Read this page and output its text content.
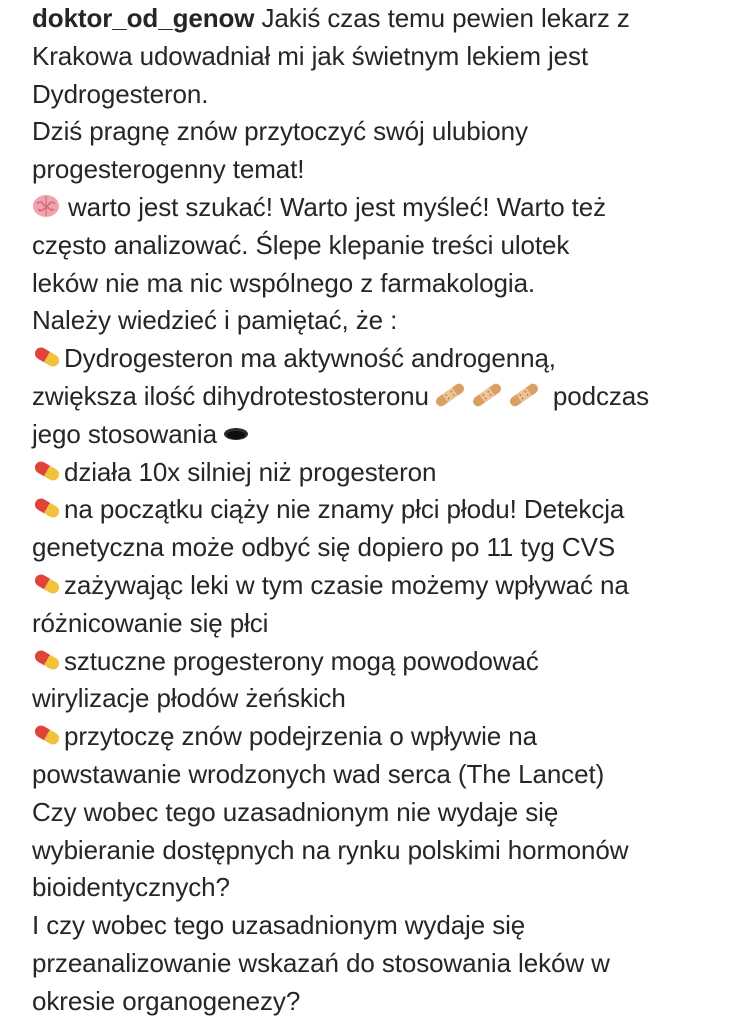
doktor_od_genow Jakiś czas temu pewien lekarz z
Krakowa udowadniał mi jak świetnym lekiem jest
Dydrogesteron.
Dziś pragnę znów przytoczyć swój ulubiony
progesterogenny temat!
warto jest szukać! Warto jest myśleć! Warto też
często analizować. Ślepe klepanie treści ulotek
leków nie ma nic wspólnego z farmakologia.
Należy wiedzieć i pamiętać, że :
Dydrogesteron ma aktywność androgenną,
zwiększa ilość dihydrotestosteronu	podczas
jego stosowania
działa 10x silniej niż progesteron
na początku ciąży nie znamy płci płodu! Detekcja
genetyczna może odbyć się dopiero po 11 tyg CVS
zażywając leki w tym czasie możemy wpływać na
różnicowanie się płci
sztuczne progesterony mogą powodować
wirylizacje płodów żeńskich
przytoczę znów podejrzenia o wpływie na
powstawanie wrodzonych wad serca (The Lancet)
Czy wobec tego uzasadnionym nie wydaje się
wybieranie dostępnych na rynku polskimi hormonów
bioidentycznych?
I czy wobec tego uzasadnionym wydaje się
przeanalizowanie wskazań do stosowania leków w
okresie organogenezy?
